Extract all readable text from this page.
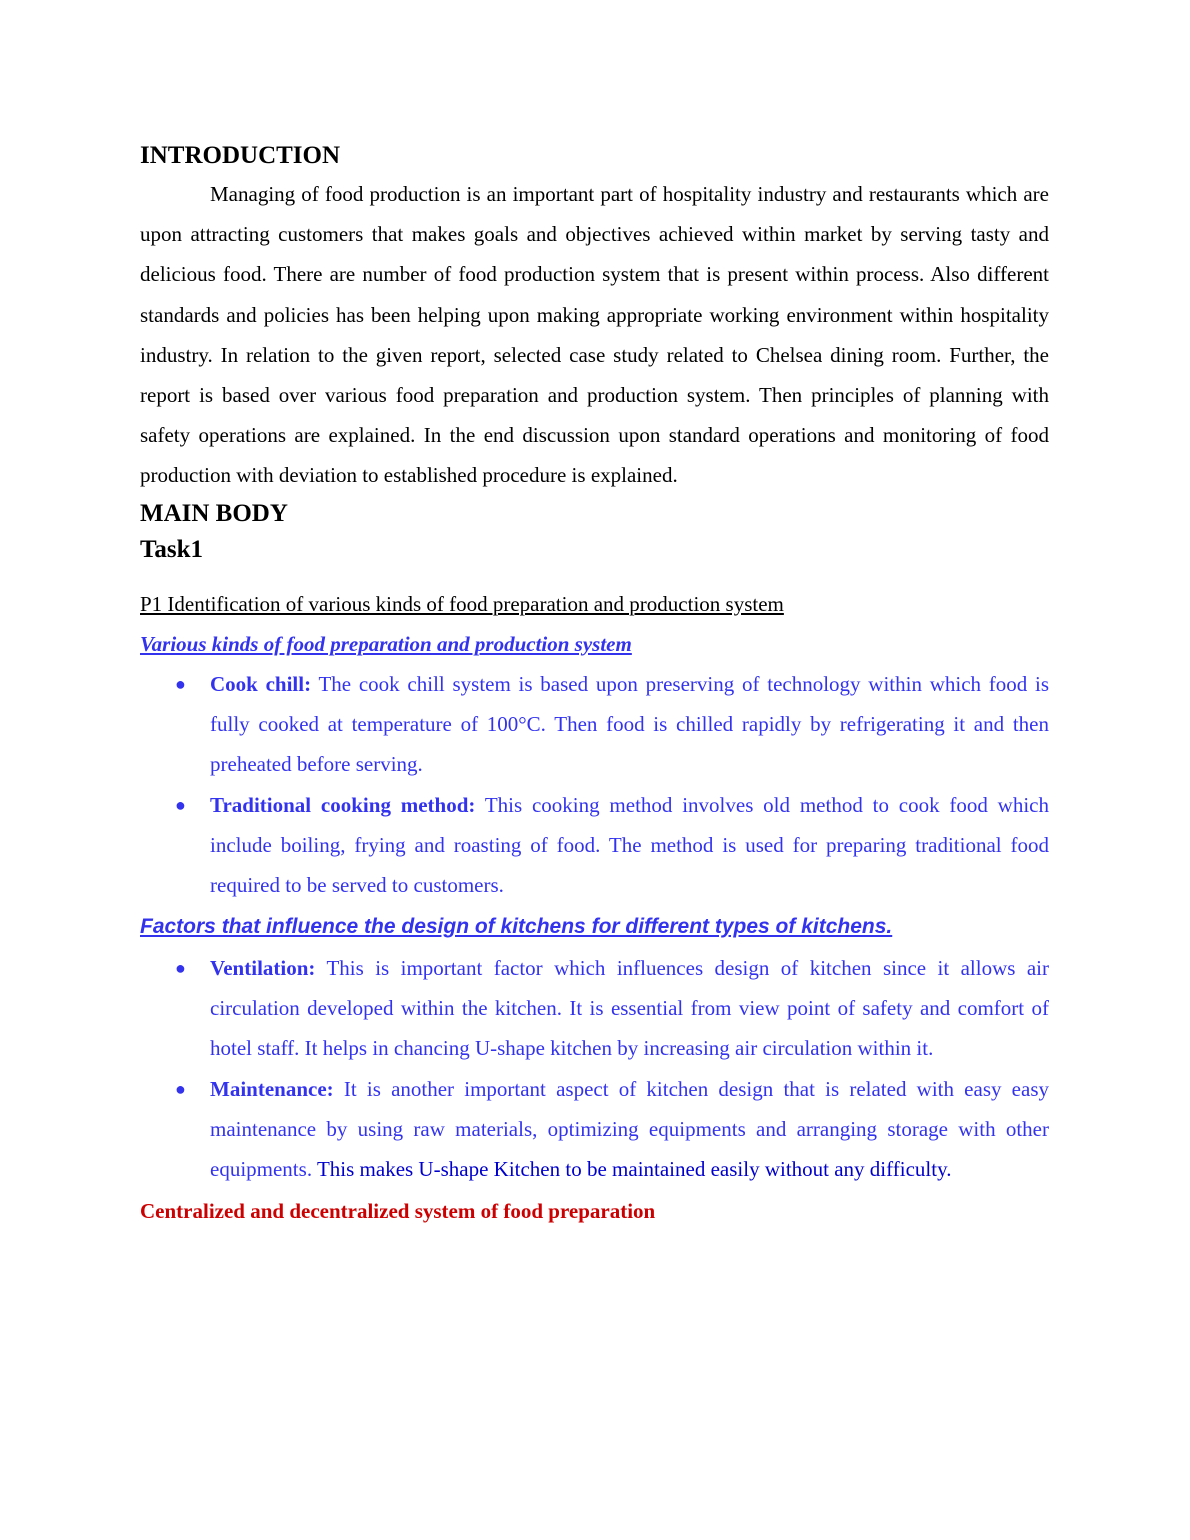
INTRODUCTION

Managing of food production is an important part of hospitality industry and restaurants which are upon attracting customers that makes goals and objectives achieved within market by serving tasty and delicious food. There are number of food production system that is present within process. Also different standards and policies has been helping upon making appropriate working environment within hospitality industry. In relation to the given report, selected case study related to Chelsea dining room. Further, the report is based over various food preparation and production system. Then principles of planning with safety operations are explained. In the end discussion upon standard operations and monitoring of food production with deviation to established procedure is explained.

MAIN BODY
Task1
P1 Identification of various kinds of food preparation and production system
Various kinds of food preparation and production system
● Cook chill: The cook chill system is based upon preserving of technology within which food is fully cooked at temperature of 100°C. Then food is chilled rapidly by refrigerating it and then preheated before serving.
● Traditional cooking method: This cooking method involves old method to cook food which include boiling, frying and roasting of food. The method is used for preparing traditional food required to be served to customers.
Factors that influence the design of kitchens for different types of kitchens.
● Ventilation: This is important factor which influences design of kitchen since it allows air circulation developed within the kitchen. It is essential from view point of safety and comfort of hotel staff. It helps in chancing U-shape kitchen by increasing air circulation within it.
● Maintenance: It is another important aspect of kitchen design that is related with easy easy maintenance by using raw materials, optimizing equipments and arranging storage with other equipments. This makes U-shape Kitchen to be maintained easily without any difficulty.
Centralized and decentralized system of food preparation
